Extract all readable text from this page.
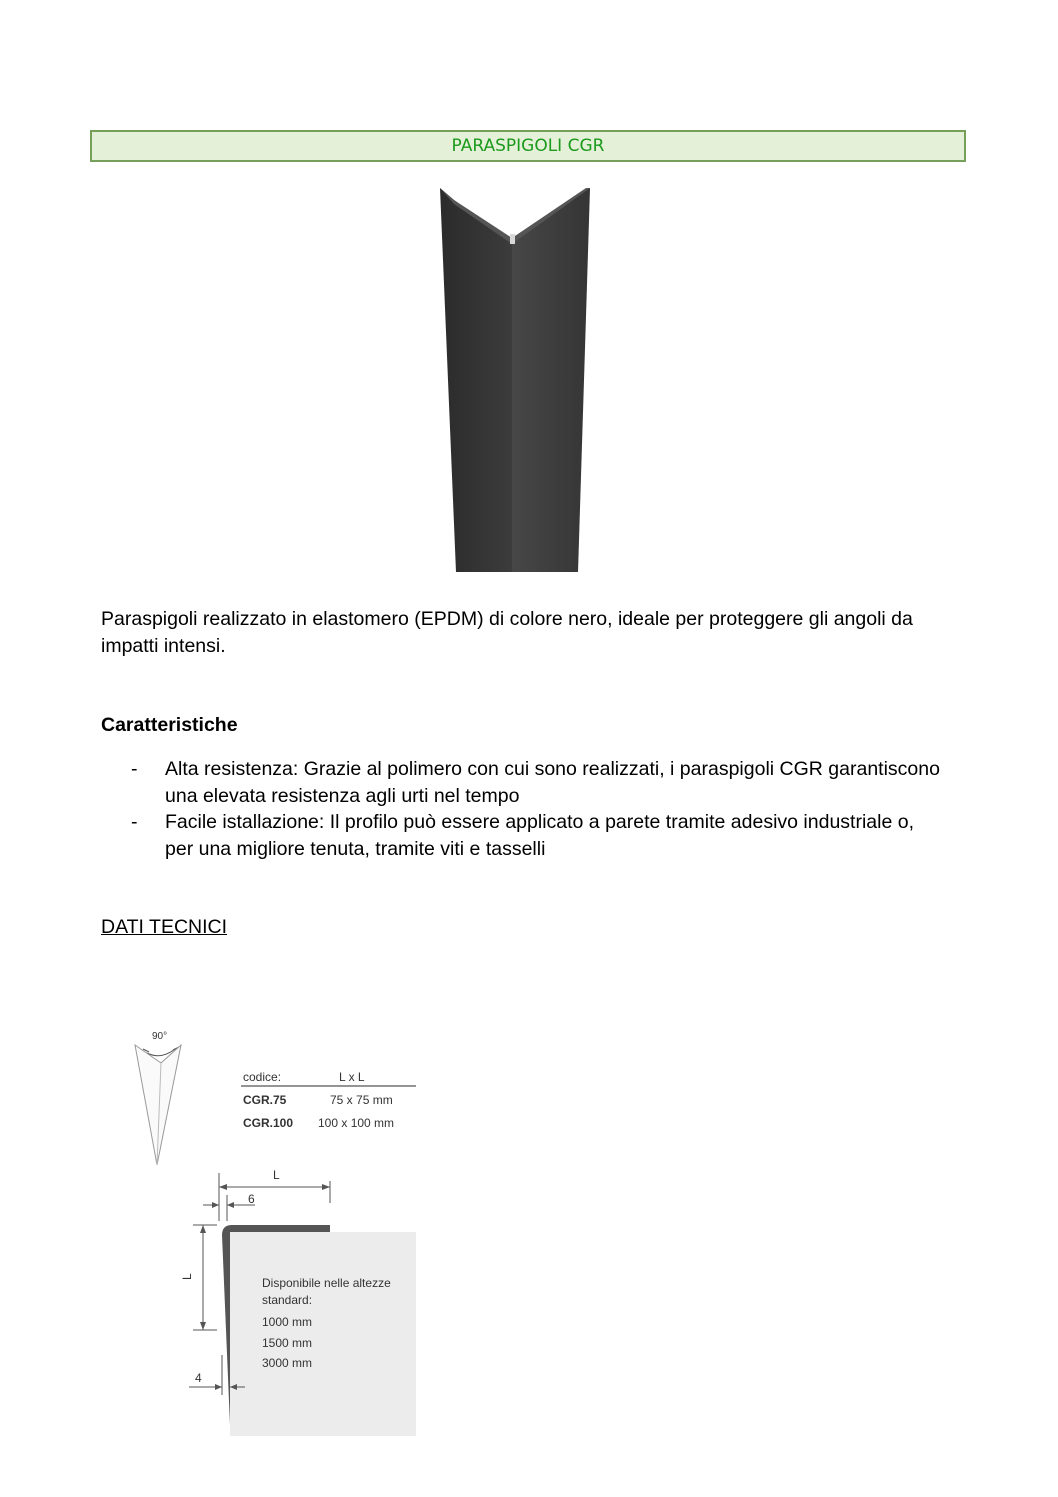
PARASPIGOLI CGR

Paraspigoli realizzato in elastomero (EPDM) di colore nero, ideale per proteggere gli angoli da impatti intensi.

Caratteristiche

- Alta resistenza: Grazie al polimero con cui sono realizzati, i paraspigoli CGR garantiscono una elevata resistenza agli urti nel tempo
- Facile istallazione: Il profilo può essere applicato a parete tramite adesivo industriale o, per una migliore tenuta, tramite viti e tasselli

DATI TECNICI

90°
codice:	L x L
CGR.75	75 x 75 mm
CGR.100 100 x 100 mm
L
6
L
4
Disponibile nelle altezze
standard:
1000 mm
1500 mm
3000 mm
